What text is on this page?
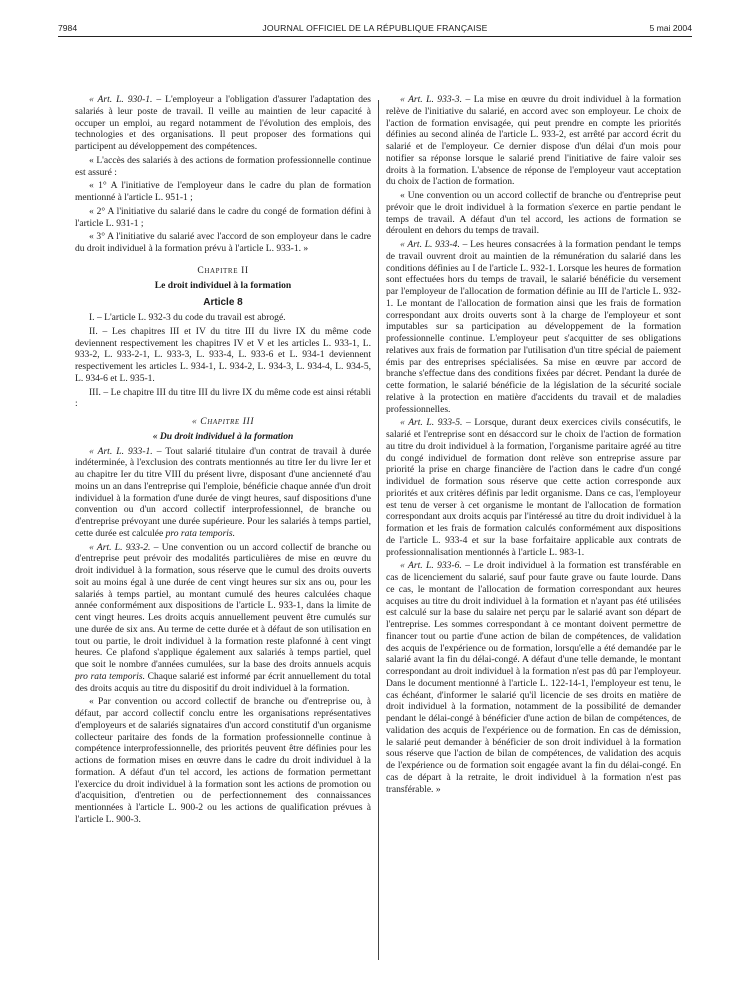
7984	JOURNAL OFFICIEL DE LA RÉPUBLIQUE FRANÇAISE	5 mai 2004

« Art. L. 930-1. – L'employeur a l'obligation d'assurer l'adaptation des salariés à leur poste de travail. Il veille au maintien de leur capacité à occuper un emploi, au regard notamment de l'évolution des emplois, des technologies et des organisations. Il peut proposer des formations qui participent au développement des compétences.

« L'accès des salariés à des actions de formation professionnelle continue est assuré :

« 1° A l'initiative de l'employeur dans le cadre du plan de formation mentionné à l'article L. 951-1 ;

« 2° A l'initiative du salarié dans le cadre du congé de formation défini à l'article L. 931-1 ;

« 3° A l'initiative du salarié avec l'accord de son employeur dans le cadre du droit individuel à la formation prévu à l'article L. 933-1. »

Chapitre II

Le droit individuel à la formation

Article 8

I. – L'article L. 932-3 du code du travail est abrogé.

II. – Les chapitres III et IV du titre III du livre IX du même code deviennent respectivement les chapitres IV et V et les articles L. 933-1, L. 933-2, L. 933-2-1, L. 933-3, L. 933-4, L. 933-6 et L. 934-1 deviennent respectivement les articles L. 934-1, L. 934-2, L. 934-3, L. 934-4, L. 934-5, L. 934-6 et L. 935-1.

III. – Le chapitre III du titre III du livre IX du même code est ainsi rétabli :

« Chapitre III

« Du droit individuel à la formation

« Art. L. 933-1. – Tout salarié titulaire d'un contrat de travail à durée indéterminée, à l'exclusion des contrats mentionnés au titre Ier du livre Ier et au chapitre Ier du titre VIII du présent livre, disposant d'une ancienneté d'au moins un an dans l'entreprise qui l'emploie, bénéficie chaque année d'un droit individuel à la formation d'une durée de vingt heures, sauf dispositions d'une convention ou d'un accord collectif interprofessionnel, de branche ou d'entreprise prévoyant une durée supérieure. Pour les salariés à temps partiel, cette durée est calculée pro rata temporis.

« Art. L. 933-2. – Une convention ou un accord collectif de branche ou d'entreprise peut prévoir des modalités particulières de mise en œuvre du droit individuel à la formation, sous réserve que le cumul des droits ouverts soit au moins égal à une durée de cent vingt heures sur six ans ou, pour les salariés à temps partiel, au montant cumulé des heures calculées chaque année conformément aux dispositions de l'article L. 933-1, dans la limite de cent vingt heures. Les droits acquis annuellement peuvent être cumulés sur une durée de six ans. Au terme de cette durée et à défaut de son utilisation en tout ou partie, le droit individuel à la formation reste plafonné à cent vingt heures. Ce plafond s'applique également aux salariés à temps partiel, quel que soit le nombre d'années cumulées, sur la base des droits annuels acquis pro rata temporis. Chaque salarié est informé par écrit annuellement du total des droits acquis au titre du dispositif du droit individuel à la formation.

« Par convention ou accord collectif de branche ou d'entreprise ou, à défaut, par accord collectif conclu entre les organisations représentatives d'employeurs et de salariés signataires d'un accord constitutif d'un organisme collecteur paritaire des fonds de la formation professionnelle continue à compétence interprofessionnelle, des priorités peuvent être définies pour les actions de formation mises en œuvre dans le cadre du droit individuel à la formation. A défaut d'un tel accord, les actions de formation permettant l'exercice du droit individuel à la formation sont les actions de promotion ou d'acquisition, d'entretien ou de perfectionnement des connaissances mentionnées à l'article L. 900-2 ou les actions de qualification prévues à l'article L. 900-3.

« Art. L. 933-3. – La mise en œuvre du droit individuel à la formation relève de l'initiative du salarié, en accord avec son employeur. Le choix de l'action de formation envisagée, qui peut prendre en compte les priorités définies au second alinéa de l'article L. 933-2, est arrêté par accord écrit du salarié et de l'employeur. Ce dernier dispose d'un délai d'un mois pour notifier sa réponse lorsque le salarié prend l'initiative de faire valoir ses droits à la formation. L'absence de réponse de l'employeur vaut acceptation du choix de l'action de formation.

« Une convention ou un accord collectif de branche ou d'entreprise peut prévoir que le droit individuel à la formation s'exerce en partie pendant le temps de travail. A défaut d'un tel accord, les actions de formation se déroulent en dehors du temps de travail.

« Art. L. 933-4. – Les heures consacrées à la formation pendant le temps de travail ouvrent droit au maintien de la rémunération du salarié dans les conditions définies au I de l'article L. 932-1. Lorsque les heures de formation sont effectuées hors du temps de travail, le salarié bénéficie du versement par l'employeur de l'allocation de formation définie au III de l'article L. 932-1. Le montant de l'allocation de formation ainsi que les frais de formation correspondant aux droits ouverts sont à la charge de l'employeur et sont imputables sur sa participation au développement de la formation professionnelle continue. L'employeur peut s'acquitter de ses obligations relatives aux frais de formation par l'utilisation d'un titre spécial de paiement émis par des entreprises spécialisées. Sa mise en œuvre par accord de branche s'effectue dans des conditions fixées par décret. Pendant la durée de cette formation, le salarié bénéficie de la législation de la sécurité sociale relative à la protection en matière d'accidents du travail et de maladies professionnelles.

« Art. L. 933-5. – Lorsque, durant deux exercices civils consécutifs, le salarié et l'entreprise sont en désaccord sur le choix de l'action de formation au titre du droit individuel à la formation, l'organisme paritaire agréé au titre du congé individuel de formation dont relève son entreprise assure par priorité la prise en charge financière de l'action dans le cadre d'un congé individuel de formation sous réserve que cette action corresponde aux priorités et aux critères définis par ledit organisme. Dans ce cas, l'employeur est tenu de verser à cet organisme le montant de l'allocation de formation correspondant aux droits acquis par l'intéressé au titre du droit individuel à la formation et les frais de formation calculés conformément aux dispositions de l'article L. 933-4 et sur la base forfaitaire applicable aux contrats de professionnalisation mentionnés à l'article L. 983-1.

« Art. L. 933-6. – Le droit individuel à la formation est transférable en cas de licenciement du salarié, sauf pour faute grave ou faute lourde. Dans ce cas, le montant de l'allocation de formation correspondant aux heures acquises au titre du droit individuel à la formation et n'ayant pas été utilisées est calculé sur la base du salaire net perçu par le salarié avant son départ de l'entreprise. Les sommes correspondant à ce montant doivent permettre de financer tout ou partie d'une action de bilan de compétences, de validation des acquis de l'expérience ou de formation, lorsqu'elle a été demandée par le salarié avant la fin du délai-congé. A défaut d'une telle demande, le montant correspondant au droit individuel à la formation n'est pas dû par l'employeur. Dans le document mentionné à l'article L. 122-14-1, l'employeur est tenu, le cas échéant, d'informer le salarié qu'il licencie de ses droits en matière de droit individuel à la formation, notamment de la possibilité de demander pendant le délai-congé à bénéficier d'une action de bilan de compétences, de validation des acquis de l'expérience ou de formation. En cas de démission, le salarié peut demander à bénéficier de son droit individuel à la formation sous réserve que l'action de bilan de compétences, de validation des acquis de l'expérience ou de formation soit engagée avant la fin du délai-congé. En cas de départ à la retraite, le droit individuel à la formation n'est pas transférable. »
